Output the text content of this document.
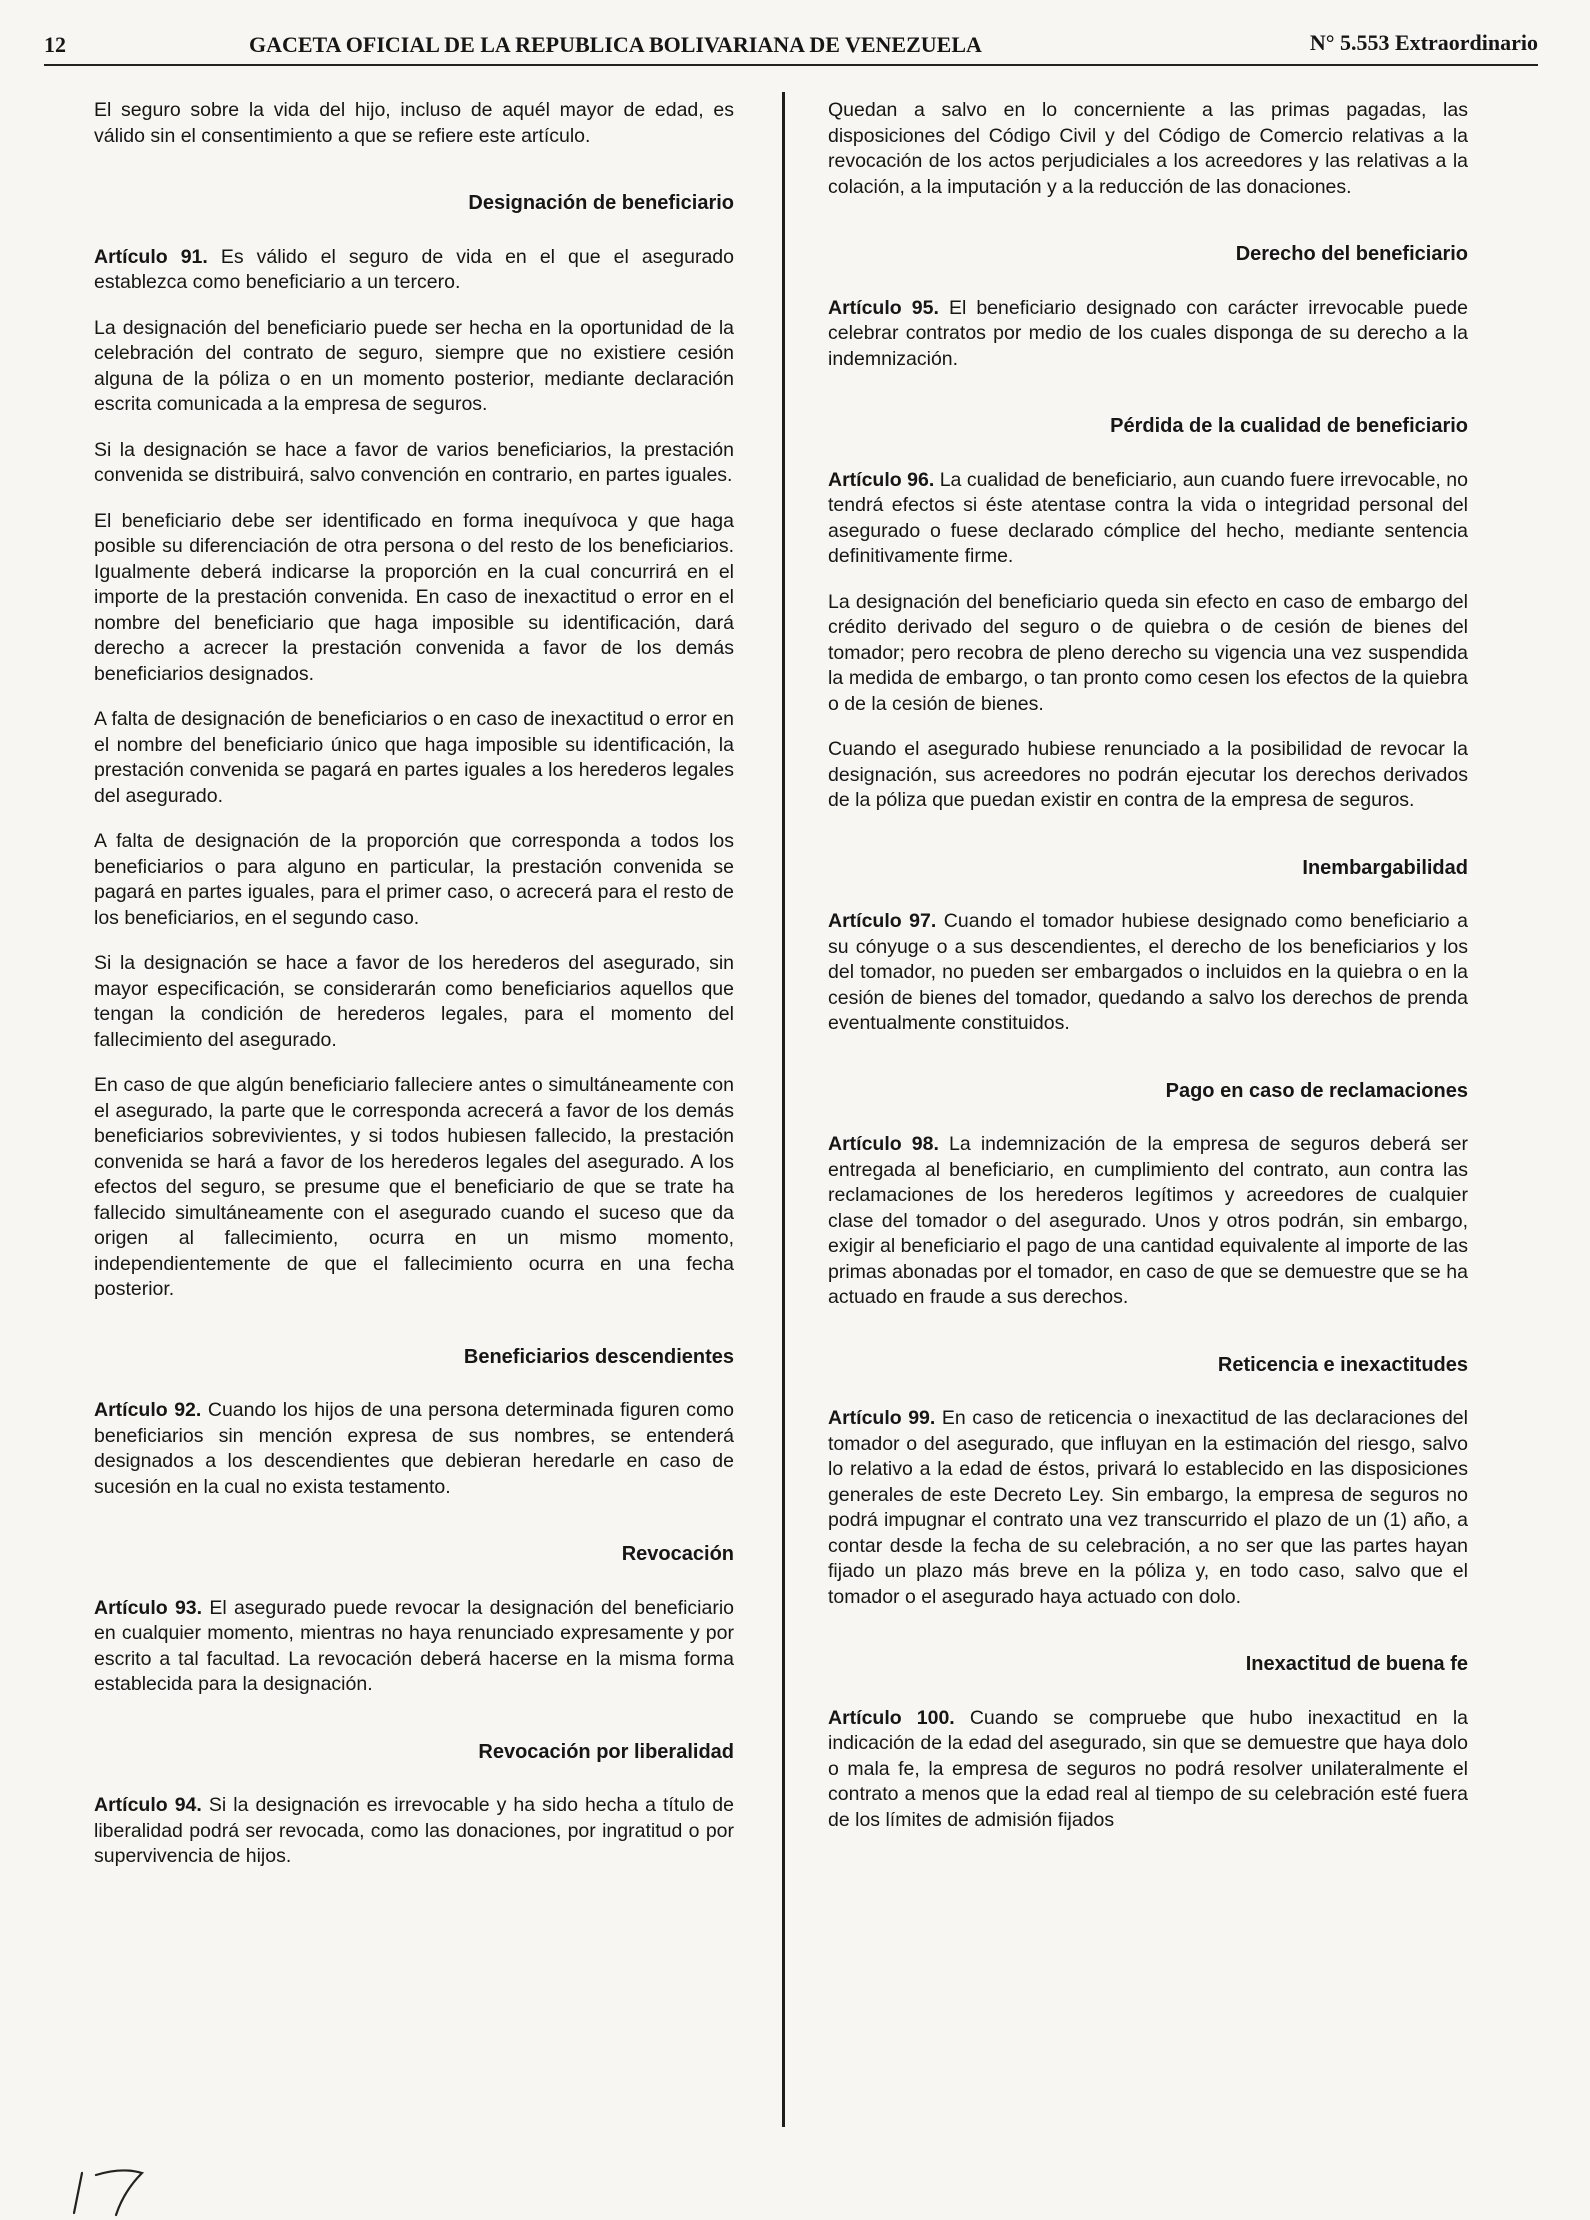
12	GACETA OFICIAL DE LA REPUBLICA BOLIVARIANA DE VENEZUELA	N° 5.553 Extraordinario

El seguro sobre la vida del hijo, incluso de aquél mayor de edad, es válido sin el consentimiento a que se refiere este artículo.

Designación de beneficiario

Artículo 91. Es válido el seguro de vida en el que el asegurado establezca como beneficiario a un tercero.

La designación del beneficiario puede ser hecha en la oportunidad de la celebración del contrato de seguro, siempre que no existiere cesión alguna de la póliza o en un momento posterior, mediante declaración escrita comunicada a la empresa de seguros.

Si la designación se hace a favor de varios beneficiarios, la prestación convenida se distribuirá, salvo convención en contrario, en partes iguales.

El beneficiario debe ser identificado en forma inequívoca y que haga posible su diferenciación de otra persona o del resto de los beneficiarios. Igualmente deberá indicarse la proporción en la cual concurrirá en el importe de la prestación convenida. En caso de inexactitud o error en el nombre del beneficiario que haga imposible su identificación, dará derecho a acrecer la prestación convenida a favor de los demás beneficiarios designados.

A falta de designación de beneficiarios o en caso de inexactitud o error en el nombre del beneficiario único que haga imposible su identificación, la prestación convenida se pagará en partes iguales a los herederos legales del asegurado.

A falta de designación de la proporción que corresponda a todos los beneficiarios o para alguno en particular, la prestación convenida se pagará en partes iguales, para el primer caso, o acrecerá para el resto de los beneficiarios, en el segundo caso.

Si la designación se hace a favor de los herederos del asegurado, sin mayor especificación, se considerarán como beneficiarios aquellos que tengan la condición de herederos legales, para el momento del fallecimiento del asegurado.

En caso de que algún beneficiario falleciere antes o simultáneamente con el asegurado, la parte que le corresponda acrecerá a favor de los demás beneficiarios sobrevivientes, y si todos hubiesen fallecido, la prestación convenida se hará a favor de los herederos legales del asegurado. A los efectos del seguro, se presume que el beneficiario de que se trate ha fallecido simultáneamente con el asegurado cuando el suceso que da origen al fallecimiento, ocurra en un mismo momento, independientemente de que el fallecimiento ocurra en una fecha posterior.

Beneficiarios descendientes

Artículo 92. Cuando los hijos de una persona determinada figuren como beneficiarios sin mención expresa de sus nombres, se entenderá designados a los descendientes que debieran heredarle en caso de sucesión en la cual no exista testamento.

Revocación

Artículo 93. El asegurado puede revocar la designación del beneficiario en cualquier momento, mientras no haya renunciado expresamente y por escrito a tal facultad. La revocación deberá hacerse en la misma forma establecida para la designación.

Revocación por liberalidad

Artículo 94. Si la designación es irrevocable y ha sido hecha a título de liberalidad podrá ser revocada, como las donaciones, por ingratitud o por supervivencia de hijos.

Quedan a salvo en lo concerniente a las primas pagadas, las disposiciones del Código Civil y del Código de Comercio relativas a la revocación de los actos perjudiciales a los acreedores y las relativas a la colación, a la imputación y a la reducción de las donaciones.

Derecho del beneficiario

Artículo 95. El beneficiario designado con carácter irrevocable puede celebrar contratos por medio de los cuales disponga de su derecho a la indemnización.

Pérdida de la cualidad de beneficiario

Artículo 96. La cualidad de beneficiario, aun cuando fuere irrevocable, no tendrá efectos si éste atentase contra la vida o integridad personal del asegurado o fuese declarado cómplice del hecho, mediante sentencia definitivamente firme.

La designación del beneficiario queda sin efecto en caso de embargo del crédito derivado del seguro o de quiebra o de cesión de bienes del tomador; pero recobra de pleno derecho su vigencia una vez suspendida la medida de embargo, o tan pronto como cesen los efectos de la quiebra o de la cesión de bienes.

Cuando el asegurado hubiese renunciado a la posibilidad de revocar la designación, sus acreedores no podrán ejecutar los derechos derivados de la póliza que puedan existir en contra de la empresa de seguros.

Inembargabilidad

Artículo 97. Cuando el tomador hubiese designado como beneficiario a su cónyuge o a sus descendientes, el derecho de los beneficiarios y los del tomador, no pueden ser embargados o incluidos en la quiebra o en la cesión de bienes del tomador, quedando a salvo los derechos de prenda eventualmente constituidos.

Pago en caso de reclamaciones

Artículo 98. La indemnización de la empresa de seguros deberá ser entregada al beneficiario, en cumplimiento del contrato, aun contra las reclamaciones de los herederos legítimos y acreedores de cualquier clase del tomador o del asegurado. Unos y otros podrán, sin embargo, exigir al beneficiario el pago de una cantidad equivalente al importe de las primas abonadas por el tomador, en caso de que se demuestre que se ha actuado en fraude a sus derechos.

Reticencia e inexactitudes

Artículo 99. En caso de reticencia o inexactitud de las declaraciones del tomador o del asegurado, que influyan en la estimación del riesgo, salvo lo relativo a la edad de éstos, privará lo establecido en las disposiciones generales de este Decreto Ley. Sin embargo, la empresa de seguros no podrá impugnar el contrato una vez transcurrido el plazo de un (1) año, a contar desde la fecha de su celebración, a no ser que las partes hayan fijado un plazo más breve en la póliza y, en todo caso, salvo que el tomador o el asegurado haya actuado con dolo.

Inexactitud de buena fe

Artículo 100. Cuando se compruebe que hubo inexactitud en la indicación de la edad del asegurado, sin que se demuestre que haya dolo o mala fe, la empresa de seguros no podrá resolver unilateralmente el contrato a menos que la edad real al tiempo de su celebración esté fuera de los límites de admisión fijados
